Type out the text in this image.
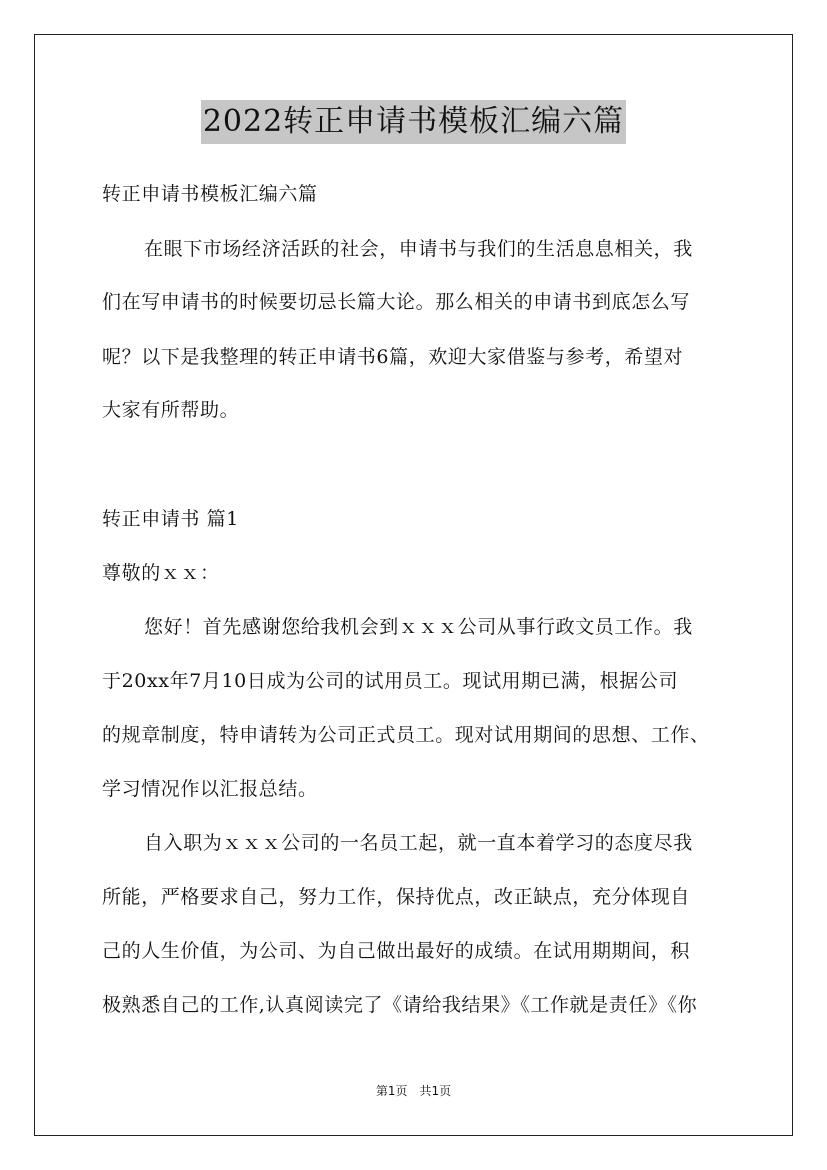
2022转正申请书模板汇编六篇
转正申请书模板汇编六篇
在眼下市场经济活跃的社会，申请书与我们的生活息息相关，我
们在写申请书的时候要切忌长篇大论。那么相关的申请书到底怎么写
呢？以下是我整理的转正申请书6篇，欢迎大家借鉴与参考，希望对
大家有所帮助。
转正申请书 篇1
尊敬的ｘｘ：
您好！首先感谢您给我机会到ｘｘｘ公司从事行政文员工作。我
于20xx年7月10日成为公司的试用员工。现试用期已满，根据公司
的规章制度，特申请转为公司正式员工。现对试用期间的思想、工作、
学习情况作以汇报总结。
自入职为ｘｘｘ公司的一名员工起，就一直本着学习的态度尽我
所能，严格要求自己，努力工作，保持优点，改正缺点，充分体现自
己的人生价值，为公司、为自己做出最好的成绩。在试用期期间，积
极熟悉自己的工作,认真阅读完了《请给我结果》《工作就是责任》《你
第1页　共1页
